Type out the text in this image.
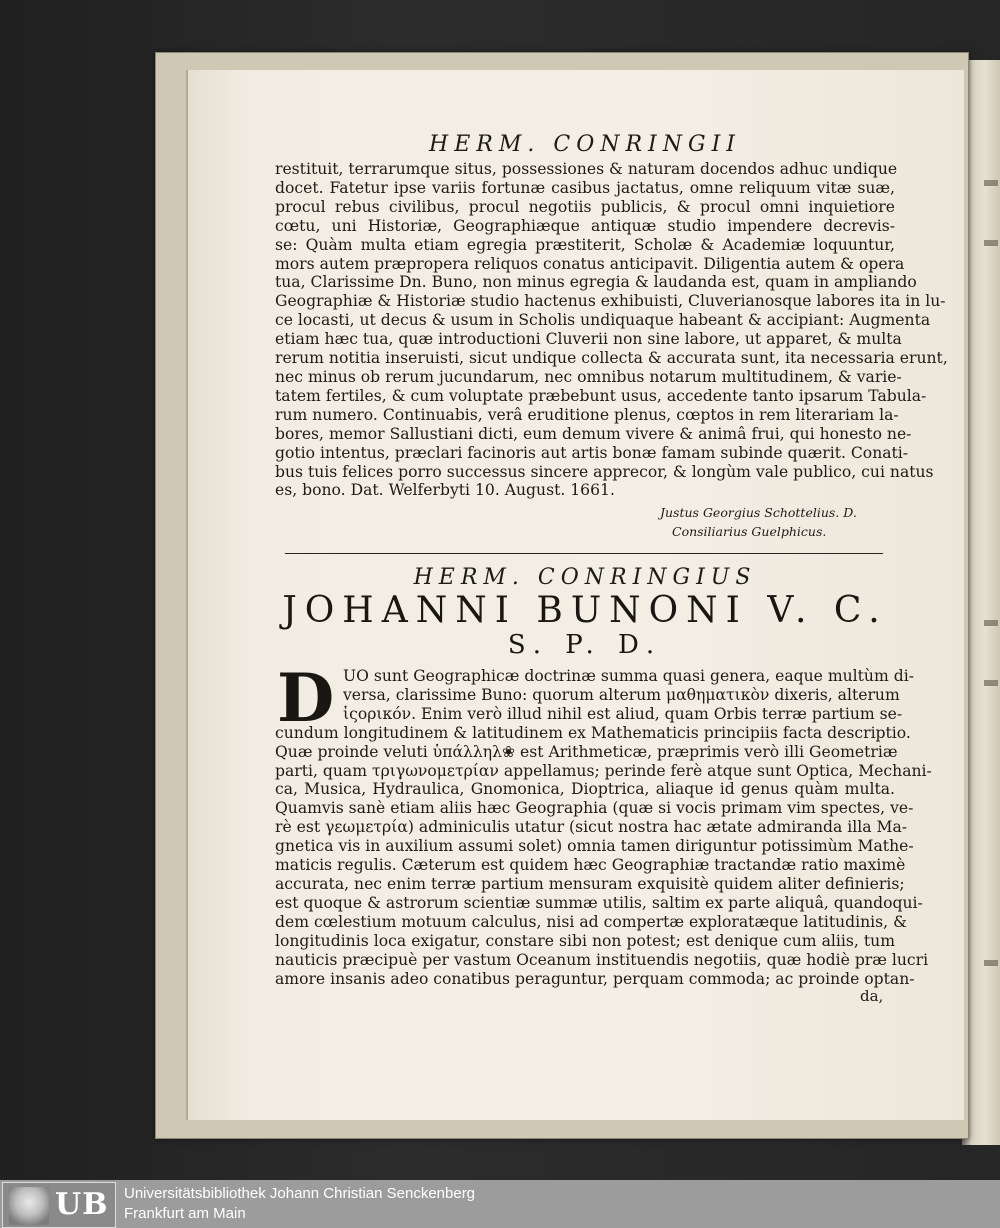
HERM. CONRINGII

restituit, terrarumque situs, possessiones & naturam docendos adhuc undique
docet. Fatetur ipse variis fortunæ casibus jactatus, omne reliquum vitæ suæ,
procul rebus civilibus, procul negotiis publicis, & procul omni inquietiore
cœtu, uni Historiæ, Geographiæque antiquæ studio impendere decrevis-
se: Quàm multa etiam egregia præstiterit, Scholæ & Academiæ loquuntur,
mors autem præpropera reliquos conatus anticipavit. Diligentia autem & opera
tua, Clarissime Dn. Buno, non minus egregia & laudanda est, quam in ampliando
Geographiæ & Historiæ studio hactenus exhibuisti, Cluverianosque labores ita in lu-
ce locasti, ut decus & usum in Scholis undiquaque habeant & accipiant: Augmenta
etiam hæc tua, quæ introductioni Cluverii non sine labore, ut apparet, & multa
rerum notitia inseruisti, sicut undique collecta & accurata sunt, ita necessaria erunt,
nec minus ob rerum jucundarum, nec omnibus notarum multitudinem, & varie-
tatem fertiles, & cum voluptate præbebunt usus, accedente tanto ipsarum Tabula-
rum numero. Continuabis, verâ eruditione plenus, cœptos in rem literariam la-
bores, memor Sallustiani dicti, eum demum vivere & animâ frui, qui honesto ne-
gotio intentus, præclari facinoris aut artis bonæ famam subinde quærit. Conati-
bus tuis felices porro successus sincere apprecor, & longùm vale publico, cui natus
es, bono. Dat. Welferbyti 10. August. 1661.

Justus Georgius Schottelius. D.
Consiliarius Guelphicus.
HERM. CONRINGIUS
JOHANNI BUNONI V. C.
S. P. D.
D UO sunt Geographicæ doctrinæ summa quasi genera, eaque multùm di-
versa, clarissime Buno: quorum alterum μαθηματικὸν dixeris, alterum
ἱςορικόν. Enim verò illud nihil est aliud, quam Orbis terræ partium se-
cundum longitudinem & latitudinem ex Mathematicis principiis facta descriptio.
Quæ proinde veluti ὑπάλληλ❀ est Arithmeticæ, præprimis verò illi Geometriæ
parti, quam τριγωνομετρίαν appellamus; perinde ferè atque sunt Optica, Mechani-
ca, Musica, Hydraulica, Gnomonica, Dioptrica, aliaque id genus quàm multa.
Quamvis sanè etiam aliis hæc Geographia (quæ si vocis primam vim spectes, ve-
rè est γεωμετρία) adminiculis utatur (sicut nostra hac ætate admiranda illa Ma-
gnetica vis in auxilium assumi solet) omnia tamen diriguntur potissimùm Mathe-
maticis regulis. Cæterum est quidem hæc Geographiæ tractandæ ratio maximè
accurata, nec enim terræ partium mensuram exquisitè quidem aliter definieris;
est quoque & astrorum scientiæ summæ utilis, saltim ex parte aliquâ, quandoqui-
dem cœlestium motuum calculus, nisi ad compertæ exploratæque latitudinis, &
longitudinis loca exigatur, constare sibi non potest; est denique cum aliis, tum
nauticis præcipuè per vastum Oceanum instituendis negotiis, quæ hodiè præ lucri
amore insanis adeo conatibus peraguntur, perquam commoda; ac proinde optan-

da,
UB Universitätsbibliothek Johann Christian Senckenberg
Frankfurt am Main
